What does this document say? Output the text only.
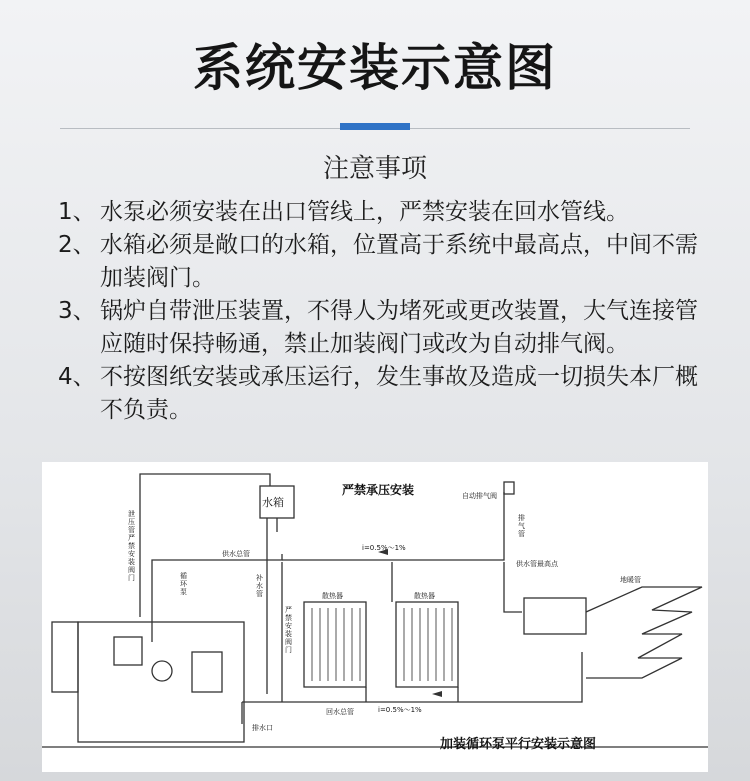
系统安装示意图
注意事项
1、 水泵必须安装在出口管线上，严禁安装在回水管线。
2、 水箱必须是敞口的水箱，位置高于系统中最高点，中间不需加装阀门。
3、 锅炉自带泄压装置，不得人为堵死或更改装置，大气连接管应随时保持畅通，禁止加装阀门或改为自动排气阀。
4、 不按图纸安装或承压运行，发生事故及造成一切损失本厂概不负责。
严禁承压安装
水箱	自动排气阀
供水总管
i=0.5%～1%
散热器	散热器
供水管最高点
地暖管
回水总管	i=0.5%～1%
排水口
加装循环泵平行安装示意图
排
气
管
泄
压
管
严
禁
安
装
阀
门	循
环
泵
补
水
管
严
禁
安
装
阀
门
